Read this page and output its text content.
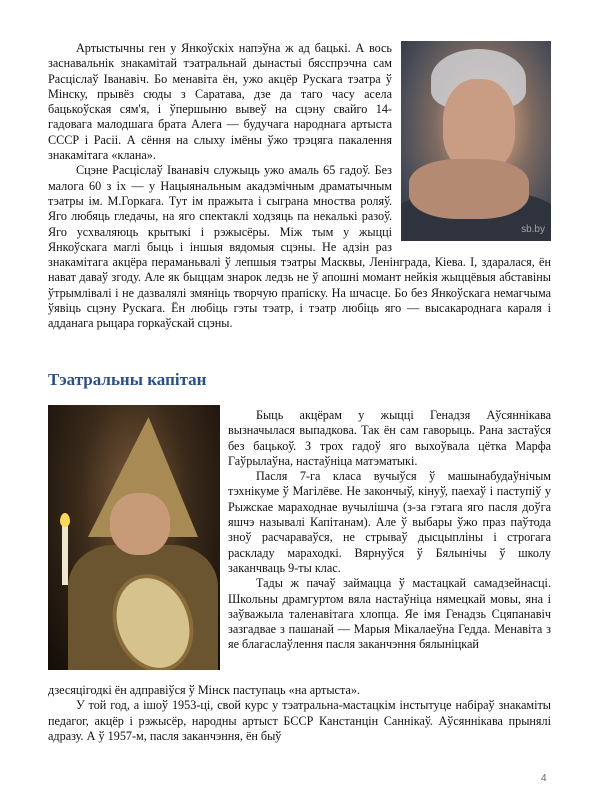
sb.by

Артыстычны ген у Янкоўскіх напэўна ж ад бацькі. А вось заснавальнік знакамітай тэатральнай дынастыі бясспрэчна сам Расціслаў Іванавіч. Бо менавіта ён, ужо акцёр Рускага тэатра ў Мінску, прывёз сюды з Саратава, дзе да таго часу асела бацькоўская сям'я, і ўпершыню вывеў на сцэну свайго 14-гадовага малодшага брата Алега — будучага народнага артыста СССР і Расіі. А сёння на слыху імёны ўжо трэцяга пакалення знакамітага «клана».

Сцэне Расціслаў Іванавіч служыць ужо амаль 65 гадоў. Без малога 60 з іх — у Нацыянальным акадэмічным драматычным тэатры ім. М.Горкага. Тут ім пражыта і сыграна мноства роляў. Яго любяць гледачы, на яго спектаклі ходзяць па некалькі разоў. Яго усхваляюць крытыкі і рэжысёры. Між тым у жыцці Янкоўскага маглі быць і іншыя вядомыя сцэны. Не адзін раз знакамітага акцёра пераманьвалі ў лепшыя тэатры Масквы, Ленінграда, Кіева. І, здаралася, ён нават даваў згоду. Але як быццам знарок ледзь не ў апошні момант нейкія жыццёвыя абставіны ўтрымлівалі і не дазвалялі змяніць творчую прапіску. На шчасце. Бо без Янкоўскага немагчыма ўявіць сцэну Рускага. Ён любіць гэты тэатр, і тэатр любіць яго — высакароднага караля і адданага рыцара горкаўскай сцэны.

Тэатральны капітан

Быць акцёрам у жыцці Генадзя Аўсяннікава вызначылася выпадкова. Так ён сам гаворыць. Рана застаўся без бацькоў. З трох гадоў яго выхоўвала цётка Марфа Гаўрылаўна, настаўніца матэматыкі.

Пасля 7-га класа вучыўся ў машынабудаўнічым тэхнікуме ў Магілёве. Не закончыў, кінуў, паехаў і паступіў у Рыжскае мараходнае вучылішча (з-за гэтага яго пасля доўга яшчэ называлі Капітанам). Але ў выбары ўжо праз паўтода зноў расчараваўся, не стрываў дысцыпліны і строгага раскладу мараходкі. Вярнуўся ў Бялынічы ў школу заканчваць 9-ты клас.

Тады ж пачаў займацца ў мастацкай самадзейнасці. Школьны драмгуртом вяла настаўніца нямецкай мовы, яна і заўважыла таленавітага хлопца. Яе імя Генадзь Сцяпанавіч зазгадвае з пашанай — Марыя Мікалаеўна Гедда. Менавіта з яе благаслаўлення пасля заканчэння бялыніцкай

дзесяцігодкі ён адправіўся ў Мінск паступаць «на артыста».

У той год, а ішоў 1953-ці, свой курс у тэатральна-мастацкім інстытуце набіраў знакаміты педагог, акцёр і рэжысёр, народны артыст БССР Канстанцін Саннікаў. Аўсяннікава прынялі адразу. А ў 1957-м, пасля заканчэння, ён быў

4
